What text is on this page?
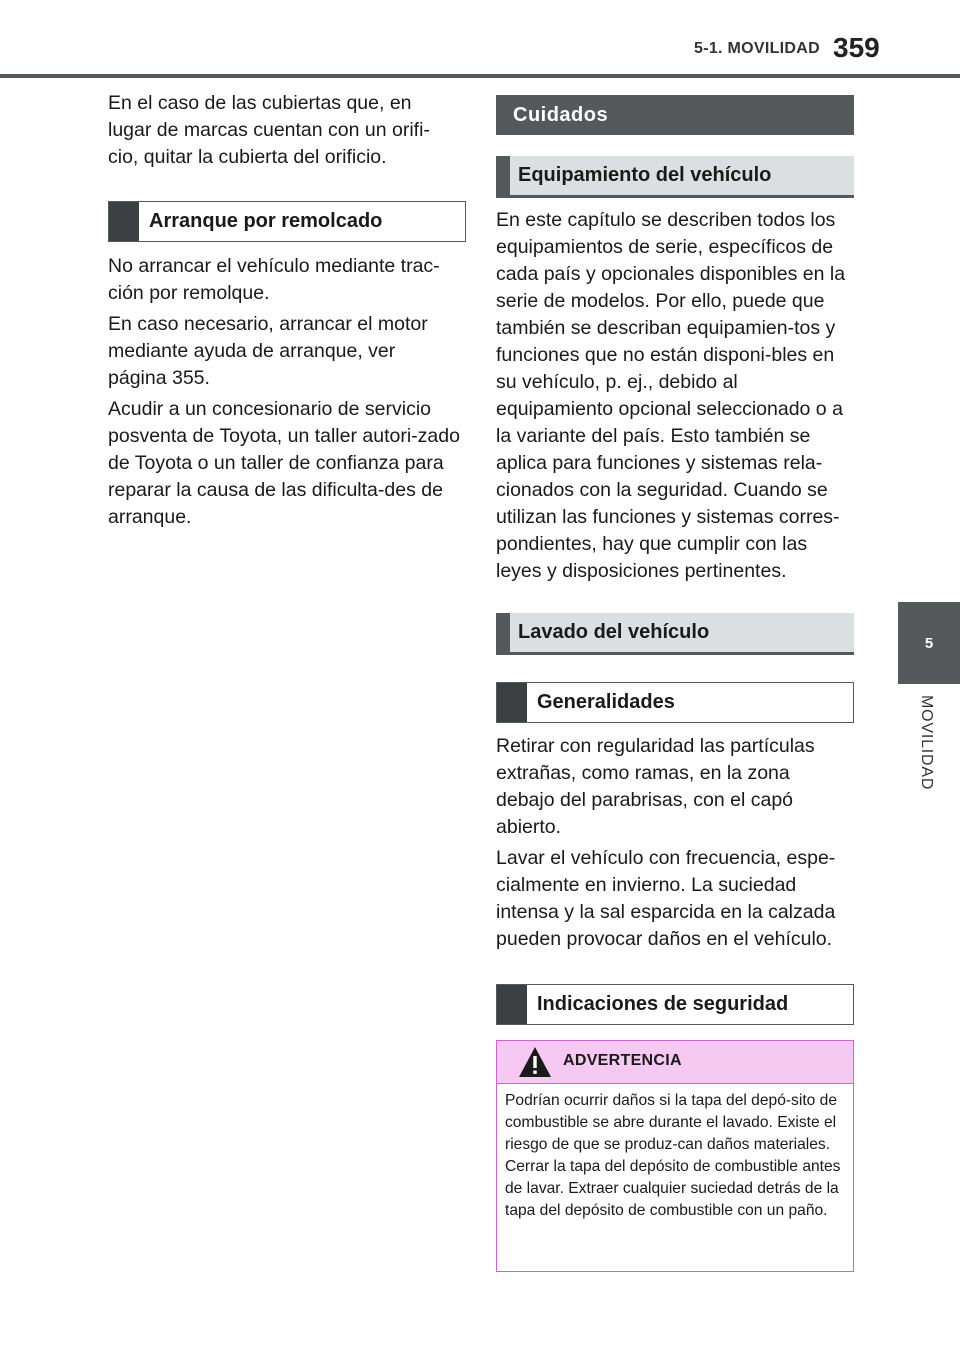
5-1. MOVILIDAD 359
5
MOVILIDAD

En el caso de las cubiertas que, en lugar de marcas cuentan con un orifi-cio, quitar la cubierta del orificio.

Arranque por remolcado

No arrancar el vehículo mediante trac-ción por remolque.

En caso necesario, arrancar el motor mediante ayuda de arranque, ver página 355.

Acudir a un concesionario de servicio posventa de Toyota, un taller autori-zado de Toyota o un taller de confianza para reparar la causa de las dificulta-des de arranque.

Cuidados
Equipamiento del vehículo

En este capítulo se describen todos los equipamientos de serie, específicos de cada país y opcionales disponibles en la serie de modelos. Por ello, puede que también se describan equipamien-tos y funciones que no están disponi-bles en su vehículo, p. ej., debido al equipamiento opcional seleccionado o a la variante del país. Esto también se aplica para funciones y sistemas rela-cionados con la seguridad. Cuando se utilizan las funciones y sistemas corres-pondientes, hay que cumplir con las leyes y disposiciones pertinentes.

Lavado del vehículo
Generalidades

Retirar con regularidad las partículas extrañas, como ramas, en la zona debajo del parabrisas, con el capó abierto.

Lavar el vehículo con frecuencia, espe-cialmente en invierno. La suciedad intensa y la sal esparcida en la calzada pueden provocar daños en el vehículo.

Indicaciones de seguridad
ADVERTENCIA

Podrían ocurrir daños si la tapa del depó-sito de combustible se abre durante el lavado. Existe el riesgo de que se produz-can daños materiales. Cerrar la tapa del depósito de combustible antes de lavar. Extraer cualquier suciedad detrás de la tapa del depósito de combustible con un paño.
